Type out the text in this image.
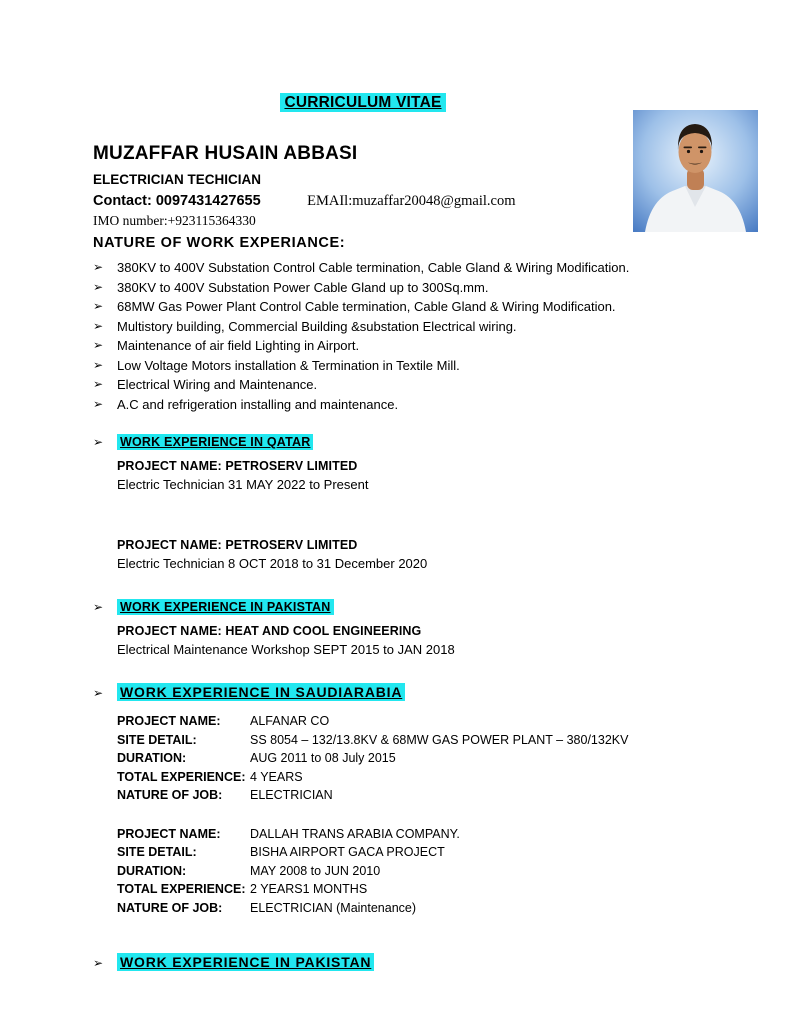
CURRICULUM VITAE
MUZAFFAR HUSAIN ABBASI
ELECTRICIAN TECHICIAN
Contact: 0097431427655	EMAIl:muzaffar20048@gmail.com
IMO number:+923115364330
NATURE OF WORK EXPERIANCE:
➢	380KV to 400V Substation Control Cable termination, Cable Gland & Wiring Modification.
➢	380KV to 400V Substation Power Cable Gland up to 300Sq.mm.
➢	68MW Gas Power Plant Control Cable termination, Cable Gland & Wiring Modification.
➢	Multistory building, Commercial Building &substation Electrical wiring.
➢	Maintenance of air field Lighting in Airport.
➢	Low Voltage Motors installation & Termination in Textile Mill.
➢	Electrical Wiring and Maintenance.
➢	A.C and refrigeration installing and maintenance.
➢	WORK EXPERIENCE IN QATAR
PROJECT NAME: PETROSERV LIMITED
Electric Technician 31 MAY 2022 to Present
PROJECT NAME: PETROSERV LIMITED
Electric Technician 8 OCT 2018 to 31 December 2020
➢	WORK EXPERIENCE IN PAKISTAN
PROJECT NAME: HEAT AND COOL ENGINEERING
Electrical Maintenance Workshop SEPT 2015 to JAN 2018
➢	WORK EXPERIENCE IN SAUDIARABIA
PROJECT NAME:	ALFANAR CO
SITE DETAIL:	SS 8054 – 132/13.8KV & 68MW GAS POWER PLANT – 380/132KV
DURATION:	AUG 2011 to 08 July 2015
TOTAL EXPERIENCE: 4 YEARS
NATURE OF JOB:	ELECTRICIAN
PROJECT NAME:	DALLAH TRANS ARABIA COMPANY.
SITE DETAIL:	BISHA AIRPORT GACA PROJECT
DURATION:	MAY 2008 to JUN 2010
TOTAL EXPERIENCE: 2 YEARS1 MONTHS
NATURE OF JOB:	ELECTRICIAN (Maintenance)
➢	WORK EXPERIENCE IN PAKISTAN
